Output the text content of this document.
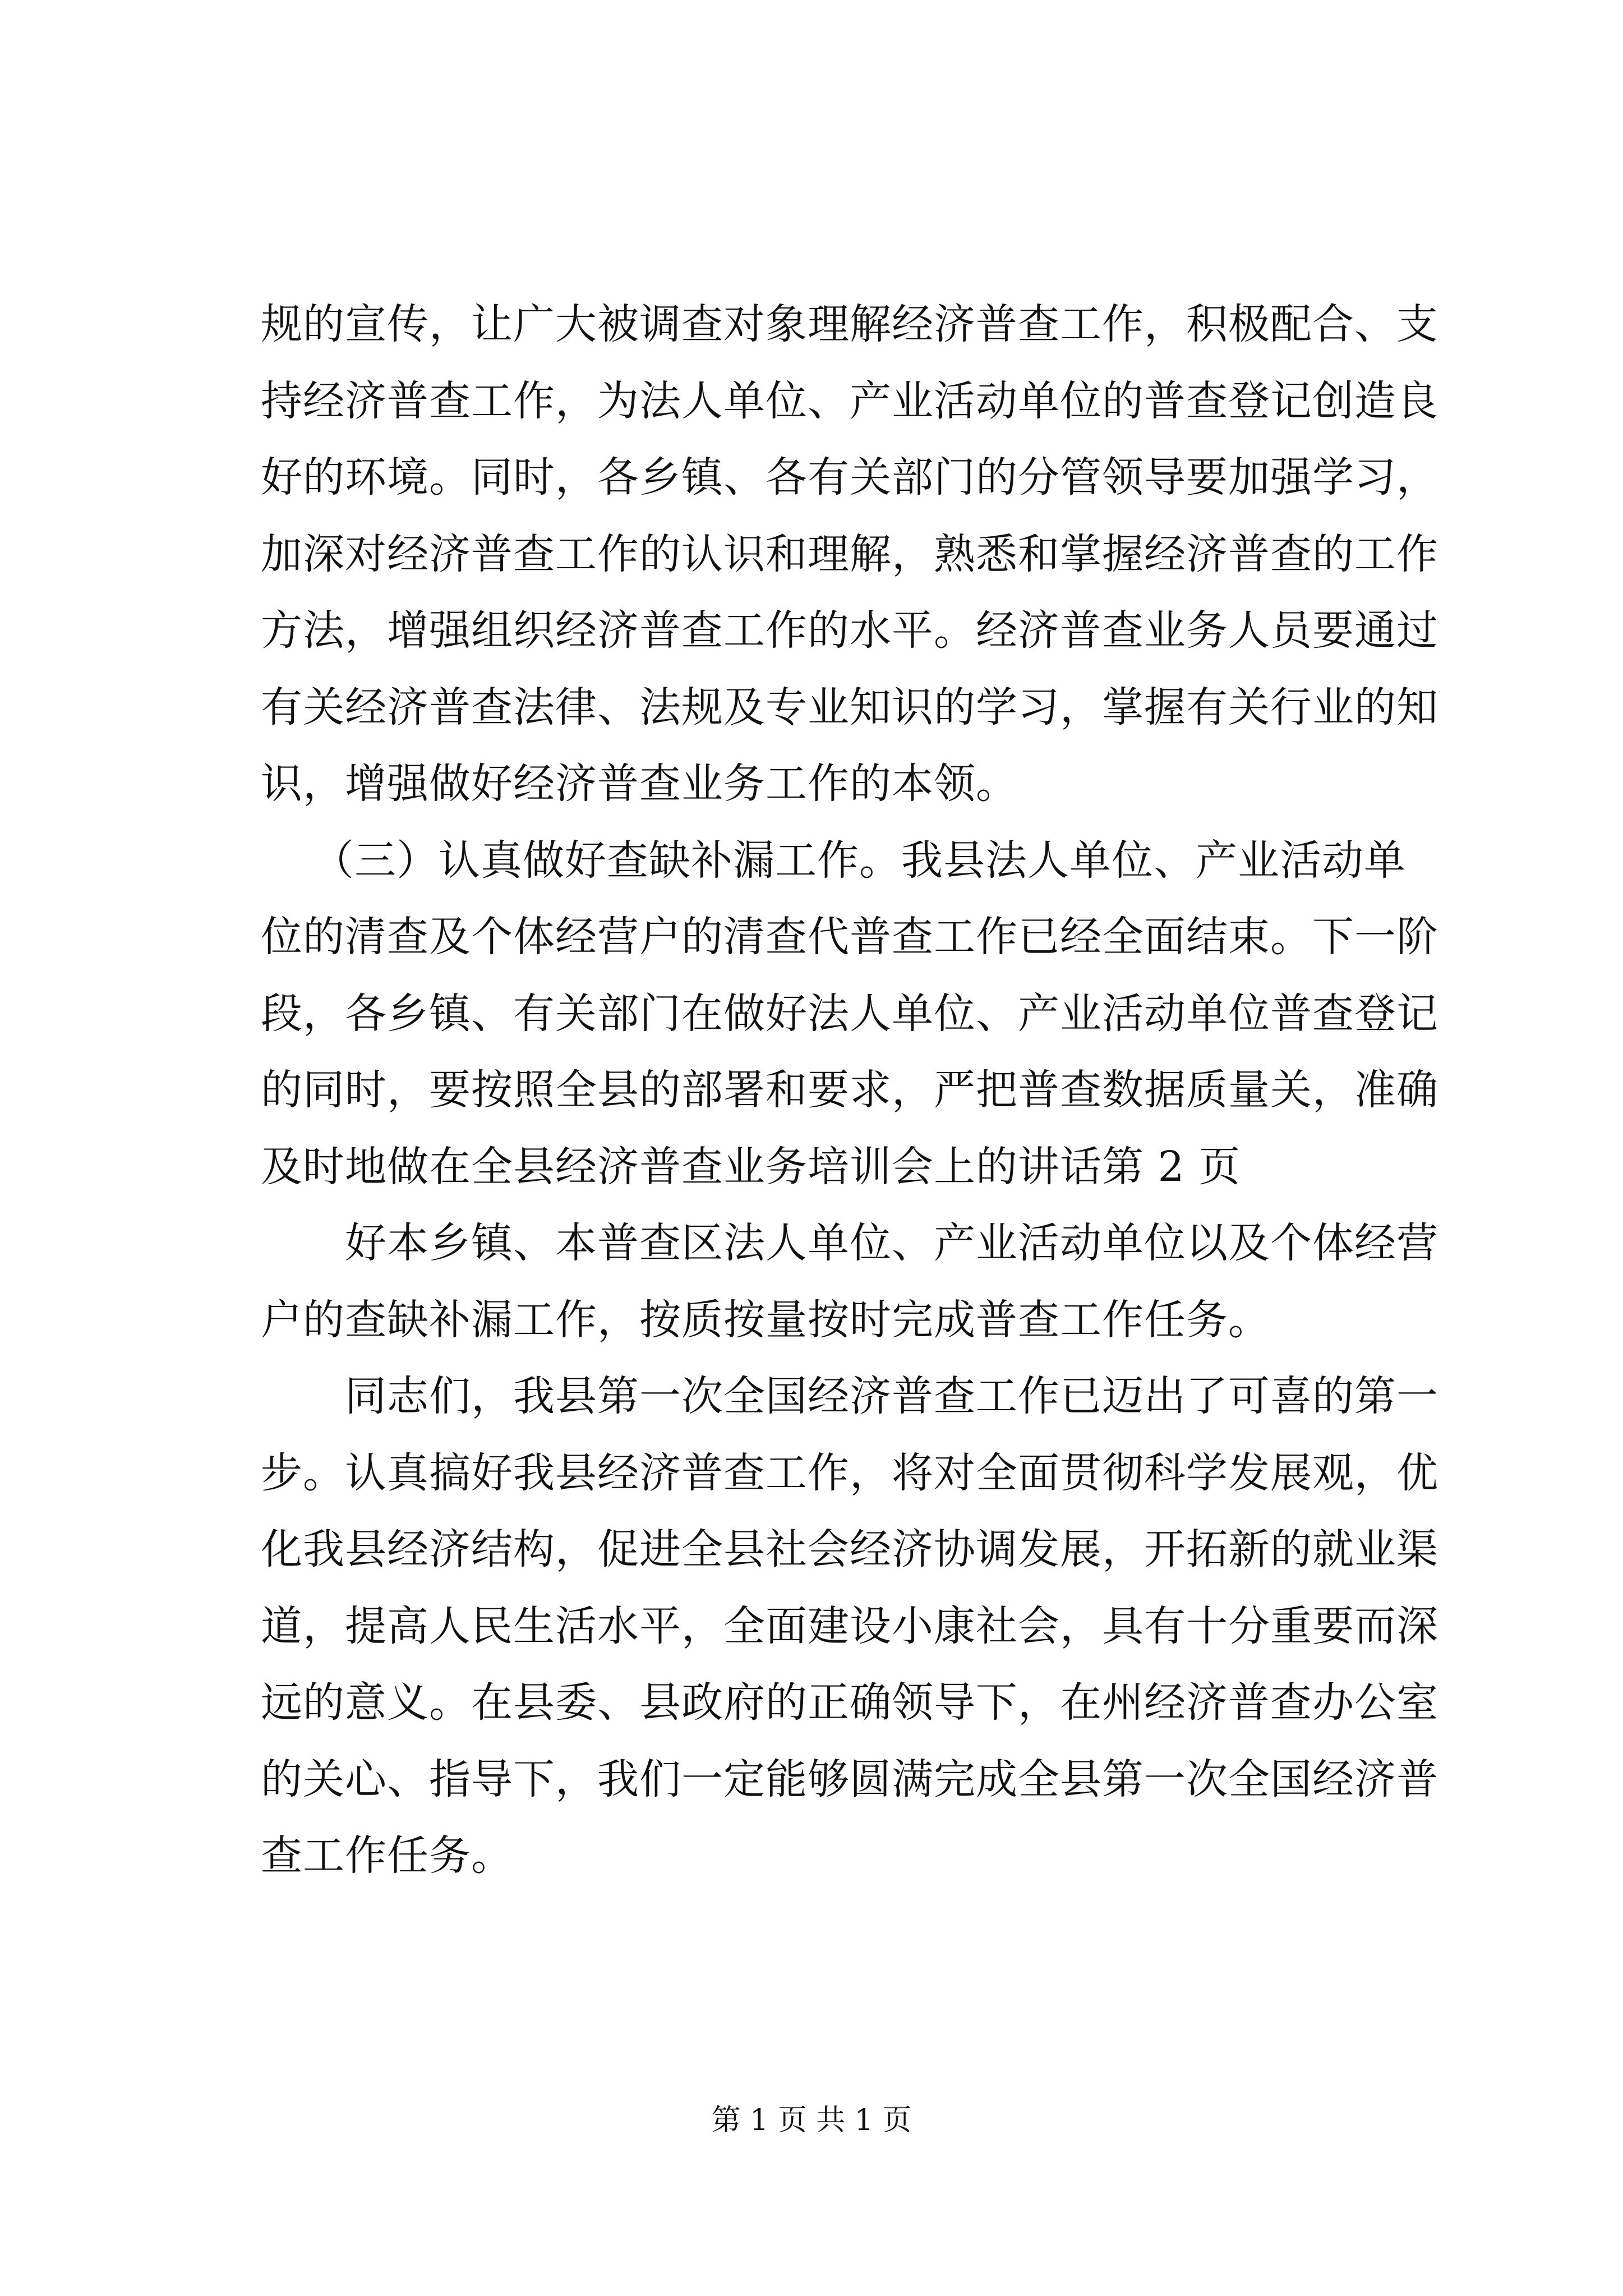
规的宣传，让广大被调查对象理解经济普查工作，积极配合、支
持经济普查工作，为法人单位、产业活动单位的普查登记创造良
好的环境。同时，各乡镇、各有关部门的分管领导要加强学习，
加深对经济普查工作的认识和理解，熟悉和掌握经济普查的工作
方法，增强组织经济普查工作的水平。经济普查业务人员要通过
有关经济普查法律、法规及专业知识的学习，掌握有关行业的知
识，增强做好经济普查业务工作的本领。
（三）认真做好查缺补漏工作。我县法人单位、产业活动单
位的清查及个体经营户的清查代普查工作已经全面结束。下一阶
段，各乡镇、有关部门在做好法人单位、产业活动单位普查登记
的同时，要按照全县的部署和要求，严把普查数据质量关，准确
及时地做在全县经济普查业务培训会上的讲话第 2 页
好本乡镇、本普查区法人单位、产业活动单位以及个体经营
户的查缺补漏工作，按质按量按时完成普查工作任务。
同志们，我县第一次全国经济普查工作已迈出了可喜的第一
步。认真搞好我县经济普查工作，将对全面贯彻科学发展观，优
化我县经济结构，促进全县社会经济协调发展，开拓新的就业渠
道，提高人民生活水平，全面建设小康社会，具有十分重要而深
远的意义。在县委、县政府的正确领导下，在州经济普查办公室
的关心、指导下，我们一定能够圆满完成全县第一次全国经济普
查工作任务。
第 1 页 共 1 页
